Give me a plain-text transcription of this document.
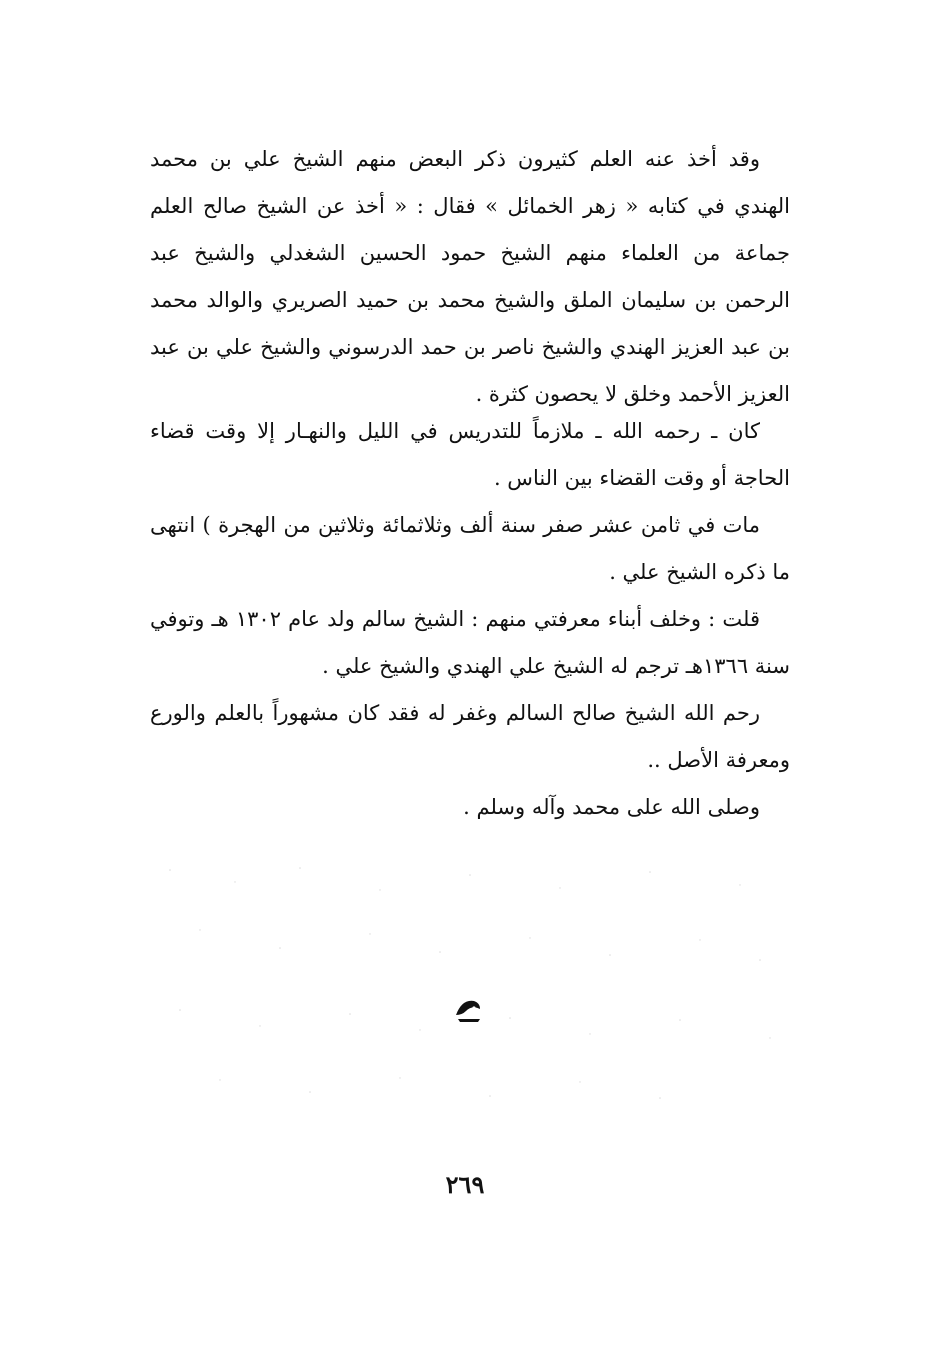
وقد أخذ عنه العلم كثيرون ذكر البعض منهم الشيخ علي بن محمد الهندي في كتابه « زهر الخمائل » فقال : « أخذ عن الشيخ صالح العلم جماعة من العلماء منهم الشيخ حمود الحسين الشغدلي والشيخ عبد الرحمن بن سليمان الملق والشيخ محمد بن حميد الصريري والوالد محمد بن عبد العزيز الهندي والشيخ ناصر بن حمد الدرسوني والشيخ علي بن عبد العزيز الأحمد وخلق لا يحصون كثرة .

كان ـ رحمه الله ـ ملازماً للتدريس في الليل والنهـار إلا وقت قضاء الحاجة أو وقت القضاء بين الناس .

مات في ثامن عشر صفر سنة ألف وثلاثمائة وثلاثين من الهجرة ) انتهى ما ذكره الشيخ علي .

قلت : وخلف أبناء معرفتي منهم : الشيخ سالم ولد عام ١٣٠٢ هـ وتوفي سنة ١٣٦٦هـ ترجم له الشيخ علي الهندي والشيخ علي .

رحم الله الشيخ صالح السالم وغفر له فقد كان مشهوراً بالعلم والورع ومعرفة الأصل ..

وصلى الله على محمد وآله وسلم .

٢٦٩
